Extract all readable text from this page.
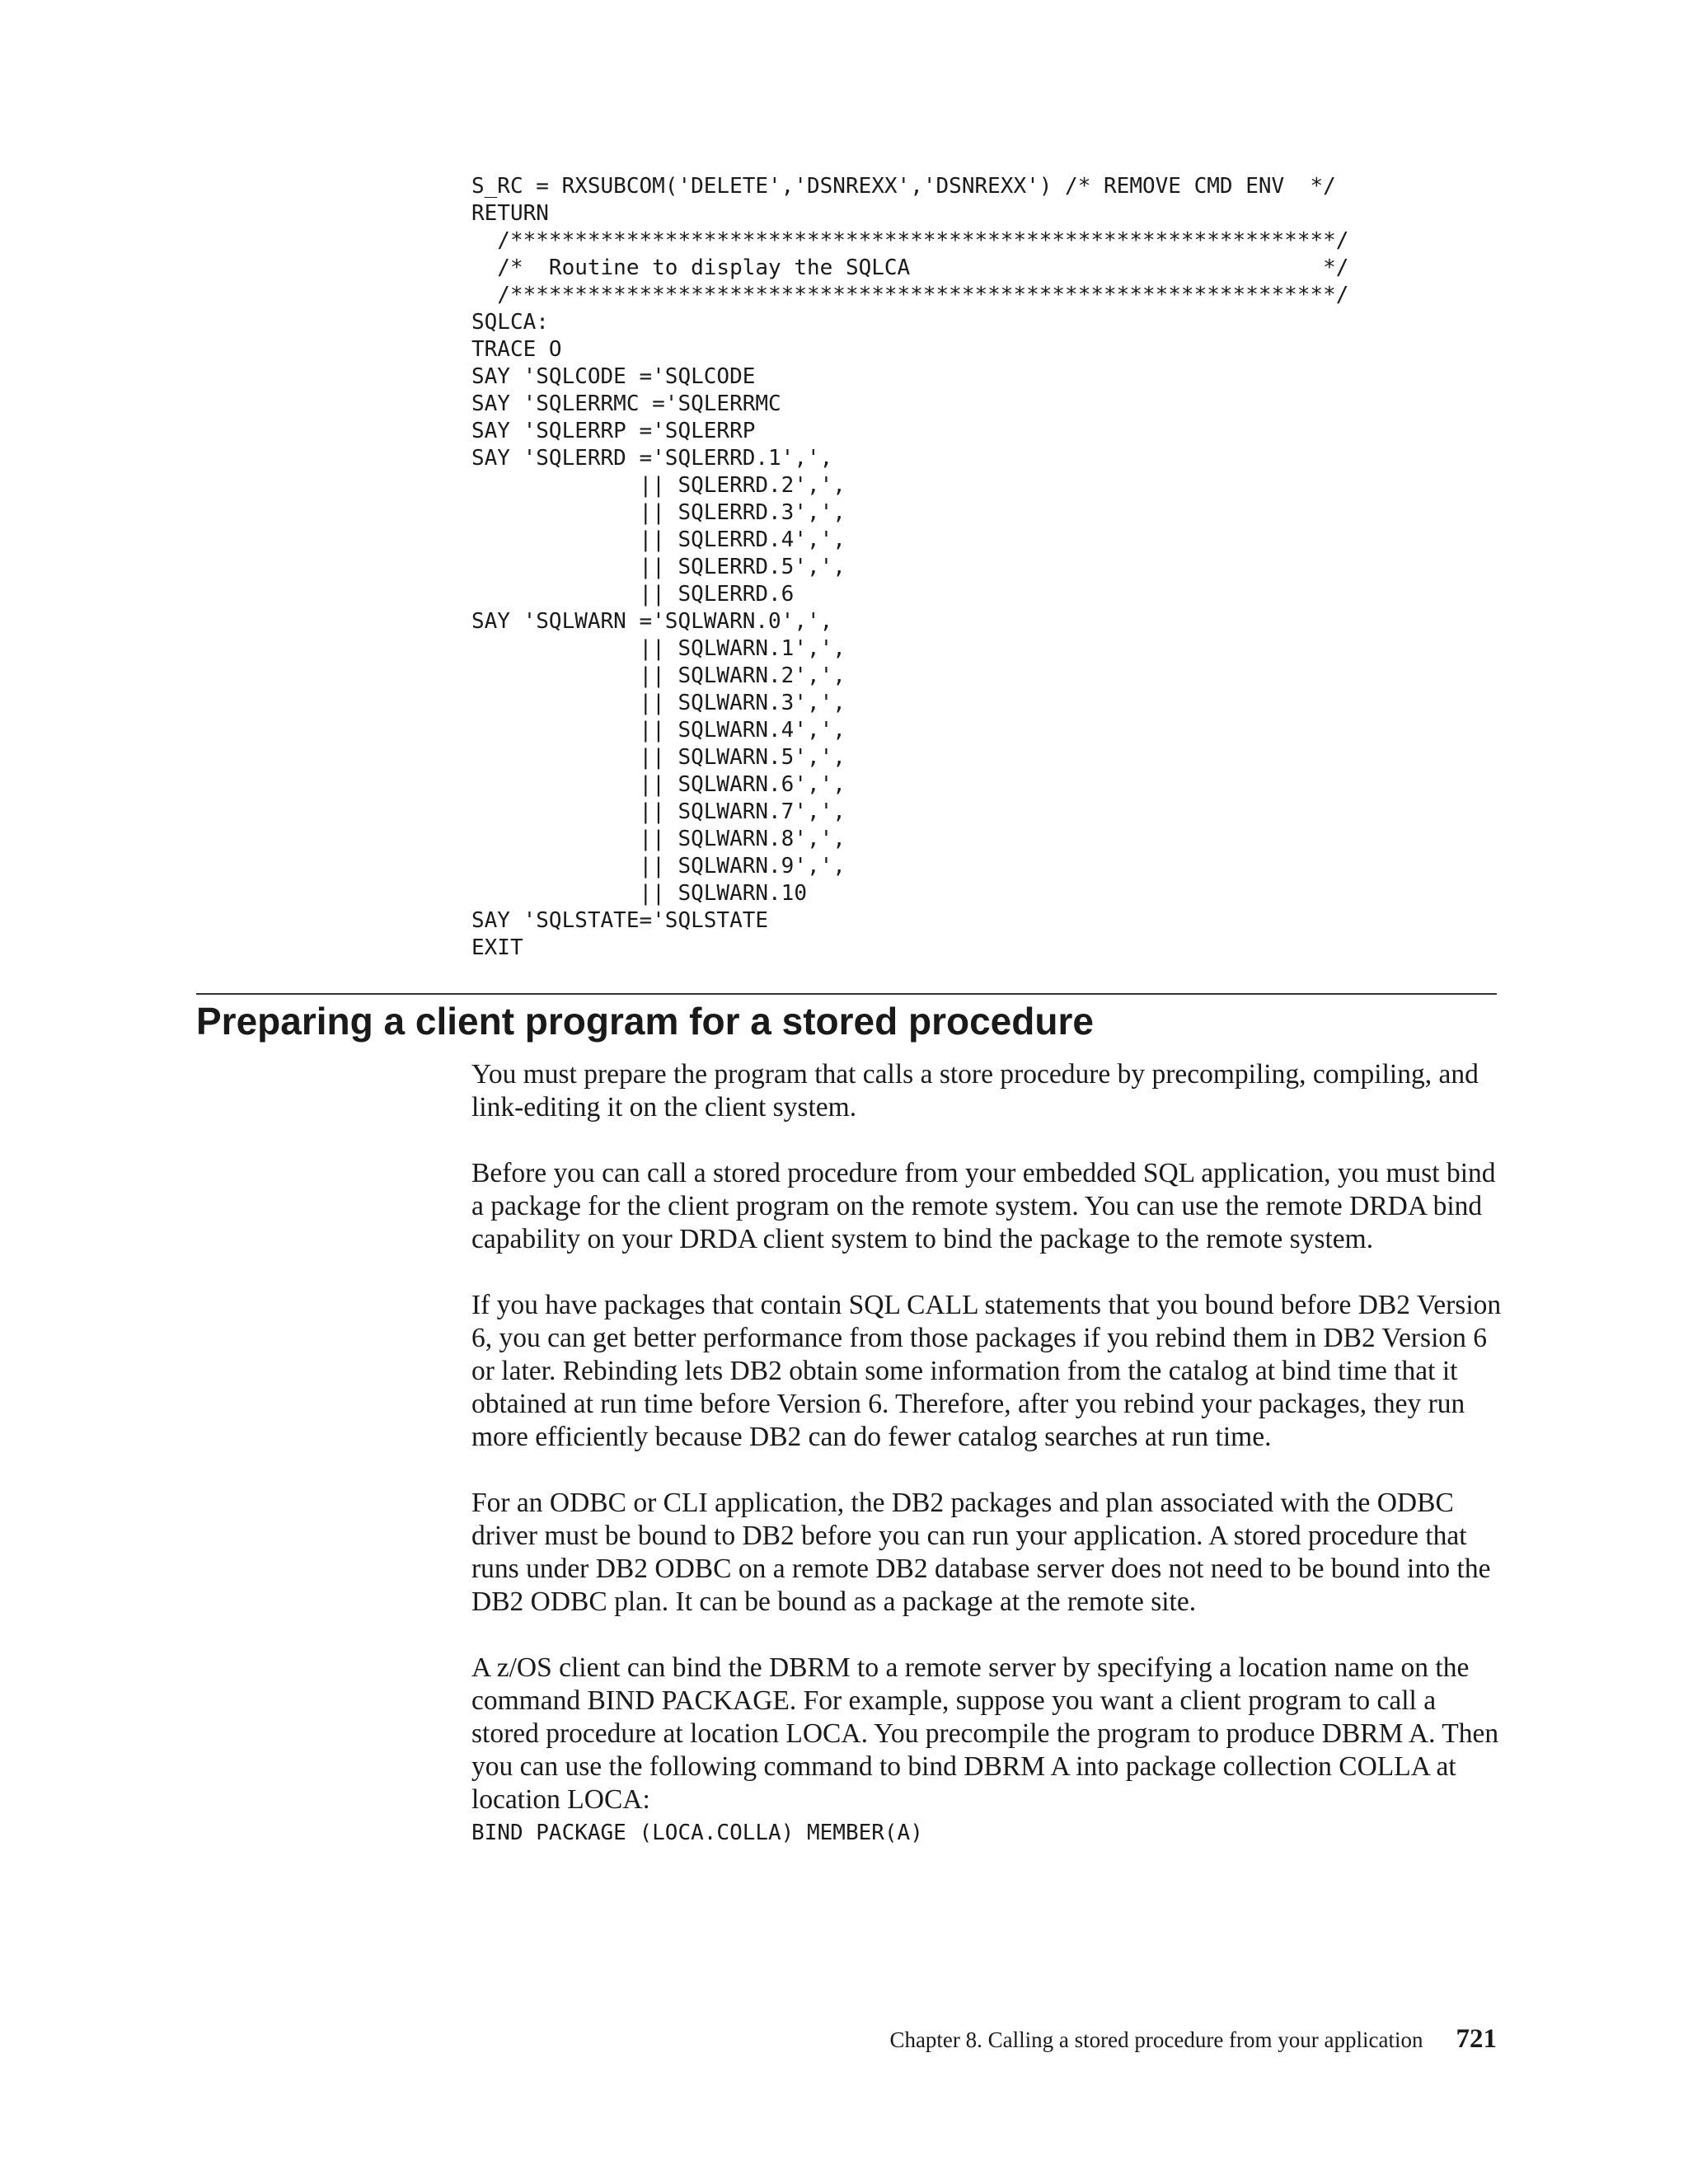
S_RC = RXSUBCOM('DELETE','DSNREXX','DSNREXX') /* REMOVE CMD ENV  */
RETURN
/****************************************************************/
/*  Routine to display the SQLCA                                */
/****************************************************************/
SQLCA:
TRACE O
SAY 'SQLCODE ='SQLCODE
SAY 'SQLERRMC ='SQLERRMC
SAY 'SQLERRP ='SQLERRP
SAY 'SQLERRD ='SQLERRD.1',',
|| SQLERRD.2',',
|| SQLERRD.3',',
|| SQLERRD.4',',
|| SQLERRD.5',',
|| SQLERRD.6
SAY 'SQLWARN ='SQLWARN.0',',
|| SQLWARN.1',',
|| SQLWARN.2',',
|| SQLWARN.3',',
|| SQLWARN.4',',
|| SQLWARN.5',',
|| SQLWARN.6',',
|| SQLWARN.7',',
|| SQLWARN.8',',
|| SQLWARN.9',',
|| SQLWARN.10
SAY 'SQLSTATE='SQLSTATE
EXIT
Preparing a client program for a stored procedure

You must prepare the program that calls a store procedure by precompiling, compiling, and link-editing it on the client system.

Before you can call a stored procedure from your embedded SQL application, you must bind a package for the client program on the remote system. You can use the remote DRDA bind capability on your DRDA client system to bind the package to the remote system.

If you have packages that contain SQL CALL statements that you bound before DB2 Version 6, you can get better performance from those packages if you rebind them in DB2 Version 6 or later. Rebinding lets DB2 obtain some information from the catalog at bind time that it obtained at run time before Version 6. Therefore, after you rebind your packages, they run more efficiently because DB2 can do fewer catalog searches at run time.

For an ODBC or CLI application, the DB2 packages and plan associated with the ODBC driver must be bound to DB2 before you can run your application. A stored procedure that runs under DB2 ODBC on a remote DB2 database server does not need to be bound into the DB2 ODBC plan. It can be bound as a package at the remote site.

A z/OS client can bind the DBRM to a remote server by specifying a location name on the command BIND PACKAGE. For example, suppose you want a client program to call a stored procedure at location LOCA. You precompile the program to produce DBRM A. Then you can use the following command to bind DBRM A into package collection COLLA at location LOCA:

BIND PACKAGE (LOCA.COLLA) MEMBER(A)
Chapter 8. Calling a stored procedure from your application 721
